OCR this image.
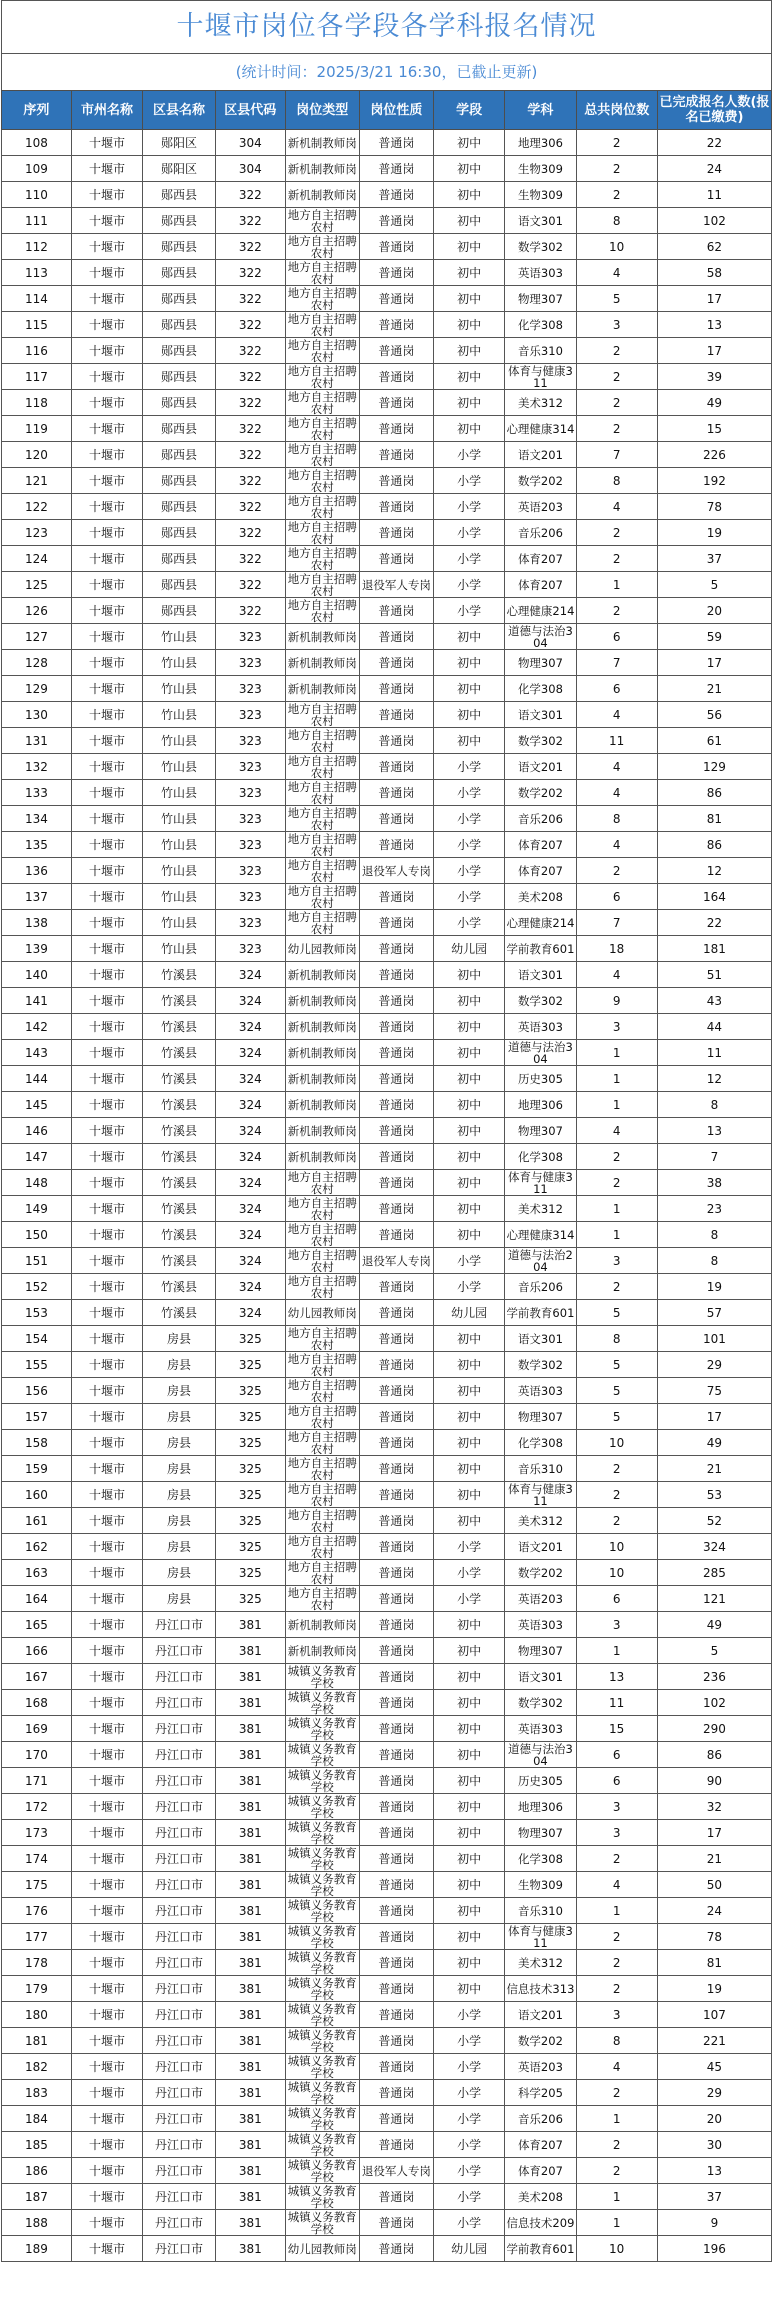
十堰市岗位各学段各学科报名情况
(统计时间：2025/3/21 16:30，已截止更新)
序列	市州名称	区县名称	区县代码	岗位类型	岗位性质	学段	学科	总共岗位数	已完成报名人数(报名已缴费)
108	十堰市	郧阳区	304	新机制教师岗	普通岗	初中	地理306	2	22
109	十堰市	郧阳区	304	新机制教师岗	普通岗	初中	生物309	2	24
110	十堰市	郧西县	322	新机制教师岗	普通岗	初中	生物309	2	11
111	十堰市	郧西县	322	地方自主招聘农村	普通岗	初中	语文301	8	102
112	十堰市	郧西县	322	地方自主招聘农村	普通岗	初中	数学302	10	62
113	十堰市	郧西县	322	地方自主招聘农村	普通岗	初中	英语303	4	58
114	十堰市	郧西县	322	地方自主招聘农村	普通岗	初中	物理307	5	17
115	十堰市	郧西县	322	地方自主招聘农村	普通岗	初中	化学308	3	13
116	十堰市	郧西县	322	地方自主招聘农村	普通岗	初中	音乐310	2	17
117	十堰市	郧西县	322	地方自主招聘农村	普通岗	初中	体育与健康311	2	39
118	十堰市	郧西县	322	地方自主招聘农村	普通岗	初中	美术312	2	49
119	十堰市	郧西县	322	地方自主招聘农村	普通岗	初中	心理健康314	2	15
120	十堰市	郧西县	322	地方自主招聘农村	普通岗	小学	语文201	7	226
121	十堰市	郧西县	322	地方自主招聘农村	普通岗	小学	数学202	8	192
122	十堰市	郧西县	322	地方自主招聘农村	普通岗	小学	英语203	4	78
123	十堰市	郧西县	322	地方自主招聘农村	普通岗	小学	音乐206	2	19
124	十堰市	郧西县	322	地方自主招聘农村	普通岗	小学	体育207	2	37
125	十堰市	郧西县	322	地方自主招聘农村	退役军人专岗	小学	体育207	1	5
126	十堰市	郧西县	322	地方自主招聘农村	普通岗	小学	心理健康214	2	20
127	十堰市	竹山县	323	新机制教师岗	普通岗	初中	道德与法治304	6	59
128	十堰市	竹山县	323	新机制教师岗	普通岗	初中	物理307	7	17
129	十堰市	竹山县	323	新机制教师岗	普通岗	初中	化学308	6	21
130	十堰市	竹山县	323	地方自主招聘农村	普通岗	初中	语文301	4	56
131	十堰市	竹山县	323	地方自主招聘农村	普通岗	初中	数学302	11	61
132	十堰市	竹山县	323	地方自主招聘农村	普通岗	小学	语文201	4	129
133	十堰市	竹山县	323	地方自主招聘农村	普通岗	小学	数学202	4	86
134	十堰市	竹山县	323	地方自主招聘农村	普通岗	小学	音乐206	8	81
135	十堰市	竹山县	323	地方自主招聘农村	普通岗	小学	体育207	4	86
136	十堰市	竹山县	323	地方自主招聘农村	退役军人专岗	小学	体育207	2	12
137	十堰市	竹山县	323	地方自主招聘农村	普通岗	小学	美术208	6	164
138	十堰市	竹山县	323	地方自主招聘农村	普通岗	小学	心理健康214	7	22
139	十堰市	竹山县	323	幼儿园教师岗	普通岗	幼儿园	学前教育601	18	181
140	十堰市	竹溪县	324	新机制教师岗	普通岗	初中	语文301	4	51
141	十堰市	竹溪县	324	新机制教师岗	普通岗	初中	数学302	9	43
142	十堰市	竹溪县	324	新机制教师岗	普通岗	初中	英语303	3	44
143	十堰市	竹溪县	324	新机制教师岗	普通岗	初中	道德与法治304	1	11
144	十堰市	竹溪县	324	新机制教师岗	普通岗	初中	历史305	1	12
145	十堰市	竹溪县	324	新机制教师岗	普通岗	初中	地理306	1	8
146	十堰市	竹溪县	324	新机制教师岗	普通岗	初中	物理307	4	13
147	十堰市	竹溪县	324	新机制教师岗	普通岗	初中	化学308	2	7
148	十堰市	竹溪县	324	地方自主招聘农村	普通岗	初中	体育与健康311	2	38
149	十堰市	竹溪县	324	地方自主招聘农村	普通岗	初中	美术312	1	23
150	十堰市	竹溪县	324	地方自主招聘农村	普通岗	初中	心理健康314	1	8
151	十堰市	竹溪县	324	地方自主招聘农村	退役军人专岗	小学	道德与法治204	3	8
152	十堰市	竹溪县	324	地方自主招聘农村	普通岗	小学	音乐206	2	19
153	十堰市	竹溪县	324	幼儿园教师岗	普通岗	幼儿园	学前教育601	5	57
154	十堰市	房县	325	地方自主招聘农村	普通岗	初中	语文301	8	101
155	十堰市	房县	325	地方自主招聘农村	普通岗	初中	数学302	5	29
156	十堰市	房县	325	地方自主招聘农村	普通岗	初中	英语303	5	75
157	十堰市	房县	325	地方自主招聘农村	普通岗	初中	物理307	5	17
158	十堰市	房县	325	地方自主招聘农村	普通岗	初中	化学308	10	49
159	十堰市	房县	325	地方自主招聘农村	普通岗	初中	音乐310	2	21
160	十堰市	房县	325	地方自主招聘农村	普通岗	初中	体育与健康311	2	53
161	十堰市	房县	325	地方自主招聘农村	普通岗	初中	美术312	2	52
162	十堰市	房县	325	地方自主招聘农村	普通岗	小学	语文201	10	324
163	十堰市	房县	325	地方自主招聘农村	普通岗	小学	数学202	10	285
164	十堰市	房县	325	地方自主招聘农村	普通岗	小学	英语203	6	121
165	十堰市	丹江口市	381	新机制教师岗	普通岗	初中	英语303	3	49
166	十堰市	丹江口市	381	新机制教师岗	普通岗	初中	物理307	1	5
167	十堰市	丹江口市	381	城镇义务教育学校	普通岗	初中	语文301	13	236
168	十堰市	丹江口市	381	城镇义务教育学校	普通岗	初中	数学302	11	102
169	十堰市	丹江口市	381	城镇义务教育学校	普通岗	初中	英语303	15	290
170	十堰市	丹江口市	381	城镇义务教育学校	普通岗	初中	道德与法治304	6	86
171	十堰市	丹江口市	381	城镇义务教育学校	普通岗	初中	历史305	6	90
172	十堰市	丹江口市	381	城镇义务教育学校	普通岗	初中	地理306	3	32
173	十堰市	丹江口市	381	城镇义务教育学校	普通岗	初中	物理307	3	17
174	十堰市	丹江口市	381	城镇义务教育学校	普通岗	初中	化学308	2	21
175	十堰市	丹江口市	381	城镇义务教育学校	普通岗	初中	生物309	4	50
176	十堰市	丹江口市	381	城镇义务教育学校	普通岗	初中	音乐310	1	24
177	十堰市	丹江口市	381	城镇义务教育学校	普通岗	初中	体育与健康311	2	78
178	十堰市	丹江口市	381	城镇义务教育学校	普通岗	初中	美术312	2	81
179	十堰市	丹江口市	381	城镇义务教育学校	普通岗	初中	信息技术313	2	19
180	十堰市	丹江口市	381	城镇义务教育学校	普通岗	小学	语文201	3	107
181	十堰市	丹江口市	381	城镇义务教育学校	普通岗	小学	数学202	8	221
182	十堰市	丹江口市	381	城镇义务教育学校	普通岗	小学	英语203	4	45
183	十堰市	丹江口市	381	城镇义务教育学校	普通岗	小学	科学205	2	29
184	十堰市	丹江口市	381	城镇义务教育学校	普通岗	小学	音乐206	1	20
185	十堰市	丹江口市	381	城镇义务教育学校	普通岗	小学	体育207	2	30
186	十堰市	丹江口市	381	城镇义务教育学校	退役军人专岗	小学	体育207	2	13
187	十堰市	丹江口市	381	城镇义务教育学校	普通岗	小学	美术208	1	37
188	十堰市	丹江口市	381	城镇义务教育学校	普通岗	小学	信息技术209	1	9
189	十堰市	丹江口市	381	幼儿园教师岗	普通岗	幼儿园	学前教育601	10	196
